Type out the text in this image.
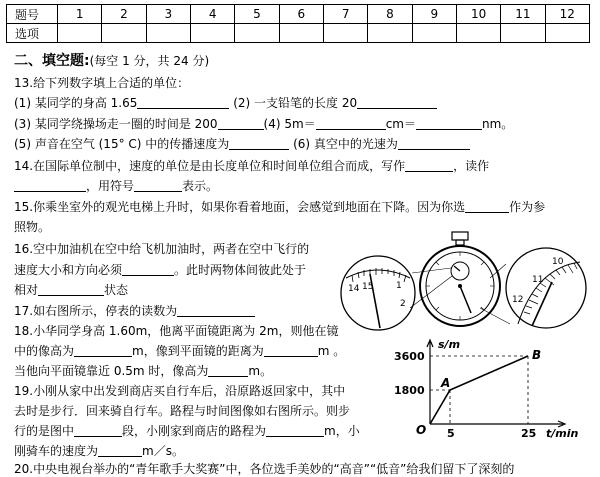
题号	1	2	3	4	5	6	7	8	9	10	11	12
选项												
二、填空题:(每空 1 分，共 24 分)
13.给下列数字填上合适的单位：
(1) 某同学的身高 1.65	(2) 一支铅笔的长度 20
(3) 某同学绕操场走一圈的时间是 200	(4) 5m＝	cm＝	nm。
(5) 声音在空气 (15° C) 中的传播速度为	(6) 真空中的光速为
14.在国际单位制中，速度的单位是由长度单位和时间单位组合而成，写作	，读作
，用符号	表示。
15.你乘坐室外的观光电梯上升时，如果你看着地面，会感觉到地面在下降。因为你选	作为参
照物。
16.空中加油机在空中给飞机加油时，两者在空中飞行的
速度大小和方向必须	。此时两物体间彼此处于
相对	状态
17.如右图所示，停表的读数为
18.小华同学身高 1.60m，他离平面镜距离为 2m，则他在镜
中的像高为	m，像到平面镜的距离为	m 。
当他向平面镜靠近 0.5m 时，像高为	m。
19.小刚从家中出发到商店买自行车后，沿原路返回家中，其中
去时是步行．回来骑自行车。路程与时间图像如右图所示。则步
行的是图中	段，小刚家到商店的路程为	m，小
刚骑车的速度为	m／s。
20.中央电视台举办的“青年歌手大奖赛”中，各位选手美妙的“高音”“低音”给我们留下了深刻的
14 15	1
2
10
11
12
s/m
3600
1800
O 5	25 t/min
A
B
